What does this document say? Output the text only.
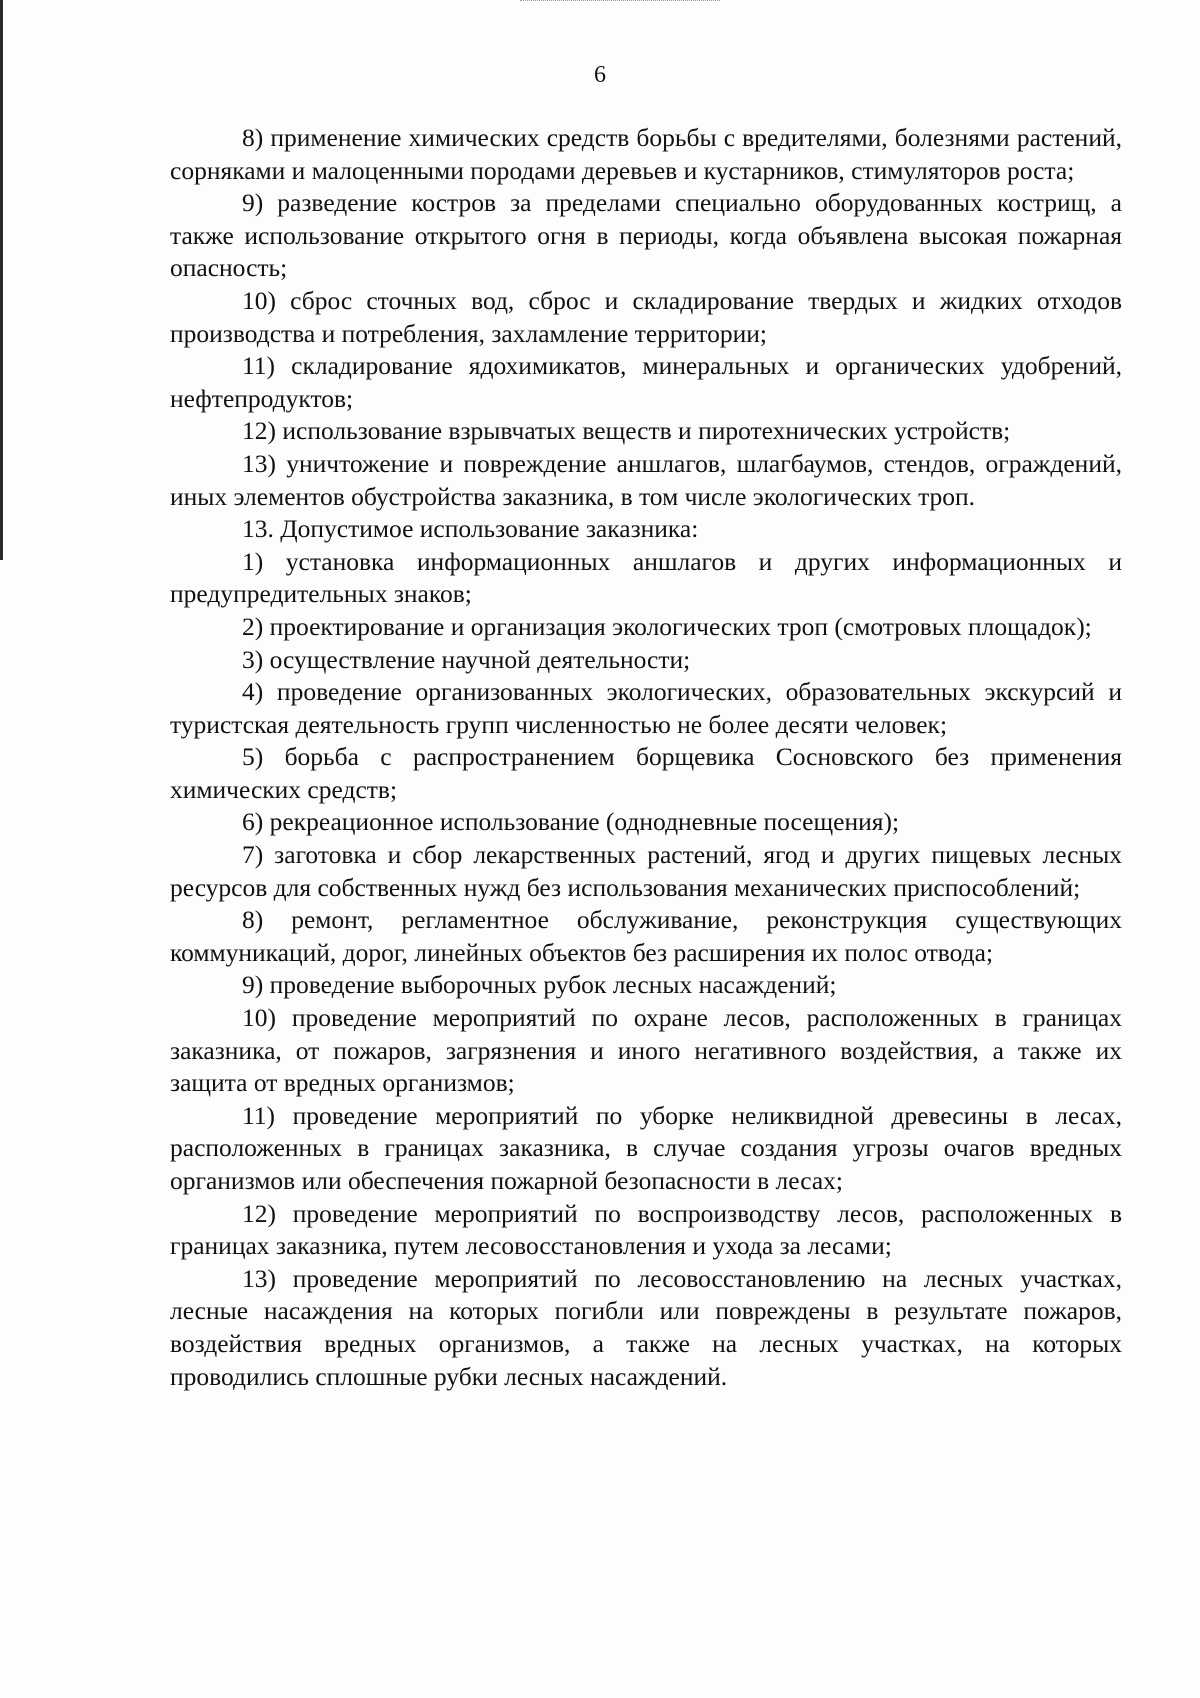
6

8) применение химических средств борьбы с вредителями, болезнями растений, сорняками и малоценными породами деревьев и кустарников, стимуляторов роста;

9) разведение костров за пределами специально оборудованных кострищ, а также использование открытого огня в периоды, когда объявлена высокая пожарная опасность;

10) сброс сточных вод, сброс и складирование твердых и жидких отходов производства и потребления, захламление территории;

11) складирование ядохимикатов, минеральных и органических удобрений, нефтепродуктов;

12) использование взрывчатых веществ и пиротехнических устройств;

13) уничтожение и повреждение аншлагов, шлагбаумов, стендов, ограждений, иных элементов обустройства заказника, в том числе экологических троп.

13. Допустимое использование заказника:

1) установка информационных аншлагов и других информационных и предупредительных знаков;

2) проектирование и организация экологических троп (смотровых площадок);

3) осуществление научной деятельности;

4) проведение организованных экологических, образовательных экскурсий и туристская деятельность групп численностью не более десяти человек;

5) борьба с распространением борщевика Сосновского без применения химических средств;

6) рекреационное использование (однодневные посещения);

7) заготовка и сбор лекарственных растений, ягод и других пищевых лесных ресурсов для собственных нужд без использования механических приспособлений;

8) ремонт, регламентное обслуживание, реконструкция существующих коммуникаций, дорог, линейных объектов без расширения их полос отвода;

9) проведение выборочных рубок лесных насаждений;

10) проведение мероприятий по охране лесов, расположенных в границах заказника, от пожаров, загрязнения и иного негативного воздействия, а также их защита от вредных организмов;

11) проведение мероприятий по уборке неликвидной древесины в лесах, расположенных в границах заказника, в случае создания угрозы очагов вредных организмов или обеспечения пожарной безопасности в лесах;

12) проведение мероприятий по воспроизводству лесов, расположенных в границах заказника, путем лесовосстановления и ухода за лесами;

13) проведение мероприятий по лесовосстановлению на лесных участках, лесные насаждения на которых погибли или повреждены в результате пожаров, воздействия вредных организмов, а также на лесных участках, на которых проводились сплошные рубки лесных насаждений.
